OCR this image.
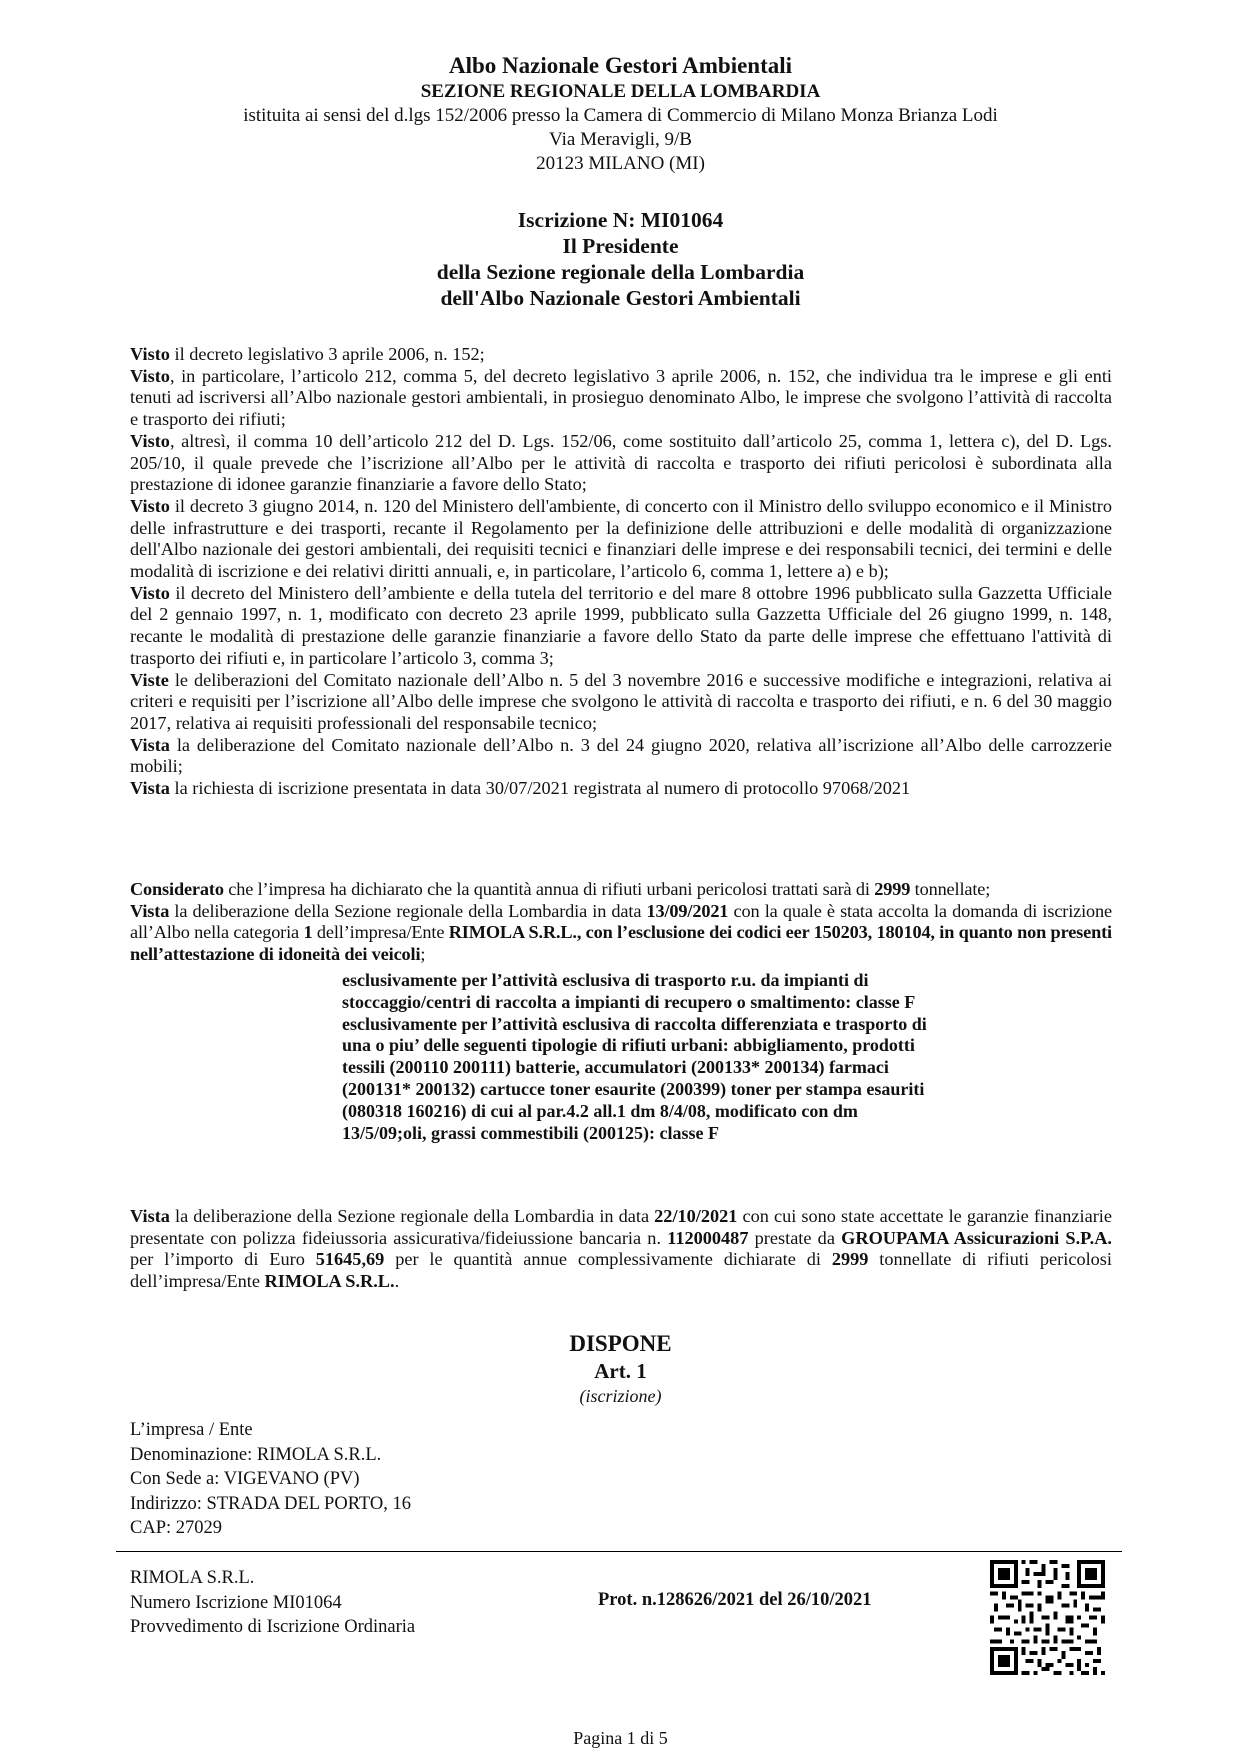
Albo Nazionale Gestori Ambientali
SEZIONE REGIONALE DELLA LOMBARDIA
istituita ai sensi del d.lgs 152/2006 presso la Camera di Commercio di Milano Monza Brianza Lodi
Via Meravigli, 9/B
20123 MILANO (MI)
Iscrizione N: MI01064
Il Presidente
della Sezione regionale della Lombardia
dell'Albo Nazionale Gestori Ambientali

Visto il decreto legislativo 3 aprile 2006, n. 152;

Visto, in particolare, l’articolo 212, comma 5, del decreto legislativo 3 aprile 2006, n. 152, che individua tra le imprese e gli enti tenuti ad iscriversi all’Albo nazionale gestori ambientali, in prosieguo denominato Albo, le imprese che svolgono l’attività di raccolta e trasporto dei rifiuti;

Visto, altresì, il comma 10 dell’articolo 212 del D. Lgs. 152/06, come sostituito dall’articolo 25, comma 1, lettera c), del D. Lgs. 205/10, il quale prevede che l’iscrizione all’Albo per le attività di raccolta e trasporto dei rifiuti pericolosi è subordinata alla prestazione di idonee garanzie finanziarie a favore dello Stato;

Visto il decreto 3 giugno 2014, n. 120 del Ministero dell'ambiente, di concerto con il Ministro dello sviluppo economico e il Ministro delle infrastrutture e dei trasporti, recante il Regolamento per la definizione delle attribuzioni e delle modalità di organizzazione dell'Albo nazionale dei gestori ambientali, dei requisiti tecnici e finanziari delle imprese e dei responsabili tecnici, dei termini e delle modalità di iscrizione e dei relativi diritti annuali, e, in particolare, l’articolo 6, comma 1, lettere a) e b);

Visto il decreto del Ministero dell’ambiente e della tutela del territorio e del mare 8 ottobre 1996 pubblicato sulla Gazzetta Ufficiale del 2 gennaio 1997, n. 1, modificato con decreto 23 aprile 1999, pubblicato sulla Gazzetta Ufficiale del 26 giugno 1999, n. 148, recante le modalità di prestazione delle garanzie finanziarie a favore dello Stato da parte delle imprese che effettuano l'attività di trasporto dei rifiuti e, in particolare l’articolo 3, comma 3;

Viste le deliberazioni del Comitato nazionale dell’Albo n. 5 del 3 novembre 2016 e successive modifiche e integrazioni, relativa ai criteri e requisiti per l’iscrizione all’Albo delle imprese che svolgono le attività di raccolta e trasporto dei rifiuti, e n. 6 del 30 maggio 2017, relativa ai requisiti professionali del responsabile tecnico;

Vista la deliberazione del Comitato nazionale dell’Albo n. 3 del 24 giugno 2020, relativa all’iscrizione all’Albo delle carrozzerie mobili;

Vista la richiesta di iscrizione presentata in data 30/07/2021 registrata al numero di protocollo 97068/2021

Considerato che l’impresa ha dichiarato che la quantità annua di rifiuti urbani pericolosi trattati sarà di 2999 tonnellate;

Vista la deliberazione della Sezione regionale della Lombardia in data 13/09/2021 con la quale è stata accolta la domanda di iscrizione all’Albo nella categoria 1 dell’impresa/Ente RIMOLA S.R.L., con l’esclusione dei codici eer 150203, 180104, in quanto non presenti nell’attestazione di idoneità dei veicoli;

esclusivamente per l’attività esclusiva di trasporto r.u. da impianti di stoccaggio/centri di raccolta a impianti di recupero o smaltimento: classe F

esclusivamente per l’attività esclusiva di raccolta differenziata e trasporto di una o piu’ delle seguenti tipologie di rifiuti urbani: abbigliamento, prodotti tessili (200110 200111) batterie, accumulatori (200133* 200134) farmaci (200131* 200132) cartucce toner esaurite (200399) toner per stampa esauriti (080318 160216) di cui al par.4.2 all.1 dm 8/4/08, modificato con dm 13/5/09;oli, grassi commestibili (200125): classe F

Vista la deliberazione della Sezione regionale della Lombardia in data 22/10/2021 con cui sono state accettate le garanzie finanziarie presentate con polizza fideiussoria assicurativa/fideiussione bancaria n. 112000487 prestate da GROUPAMA Assicurazioni S.P.A. per l’importo di Euro 51645,69 per le quantità annue complessivamente dichiarate di 2999 tonnellate di rifiuti pericolosi dell’impresa/Ente RIMOLA S.R.L..

DISPONE
Art. 1
(iscrizione)
L’impresa / Ente
Denominazione: RIMOLA S.R.L.
Con Sede a: VIGEVANO (PV)
Indirizzo: STRADA DEL PORTO, 16
CAP: 27029
RIMOLA S.R.L.
Numero Iscrizione MI01064
Provvedimento di Iscrizione Ordinaria
Prot. n.128626/2021 del 26/10/2021
Pagina 1 di 5
